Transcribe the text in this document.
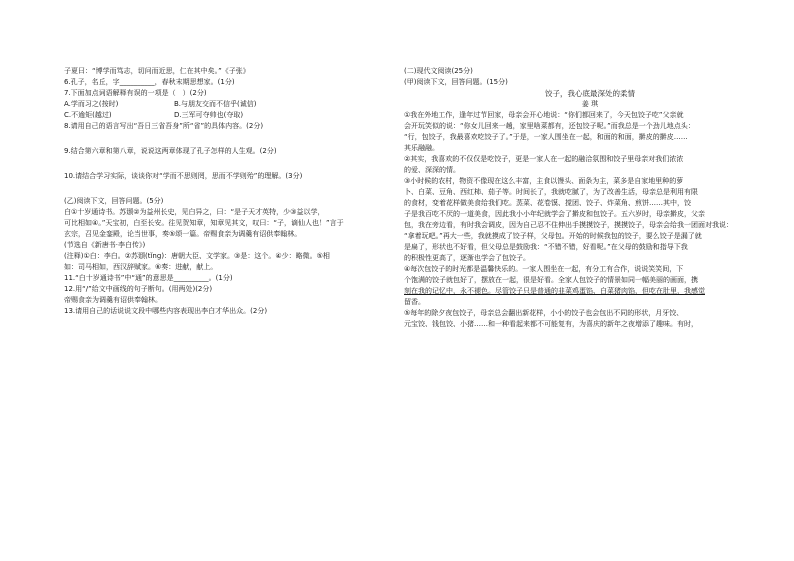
子夏曰：“博学而笃志，切问而近思，仁在其中矣。”《子张》

6.孔子，名丘，字__________，春秋末期思想家。(1分)

7.下面加点词语解释有误的一项是（　）(2分)

A.学而习之(按时)	B.与朋友交而不信乎(诚信)
C.不逾矩(越过)	D.三军可夺帅也(夺取)

8.请用自己的语言写出“吾日三省吾身”所“省”的具体内容。(2分)

9.结合第六章和第八章，说说这两章体现了孔子怎样的人生观。(2分)

10.请结合学习实际，谈谈你对“学而不思则罔，思而不学则殆”的理解。(3分)

(乙)阅读下文，回答问题。(5分)

白①十岁通诗书。苏颋②为益州长史，见白异之，曰：“是子天才英特，少③益以学，

可比相如④。”天宝初，白至长安。往见贺知章，知章见其文，叹曰：“子，谪仙人也！”言于

玄宗，召见金銮殿，论当世事，奏⑤颂一篇。帝赐食亲为调羹有诏供奉翰林。

(节选自《新唐书·李白传》)

(注释)①白：李白。②苏颋(tǐng)：唐朝大臣、文学家。③是：这个。④少：略微。⑤相

如：司马相如，西汉辞赋家。⑥奏：进献，献上。

11.“白十岁通诗书”中“通”的意思是__________。(1分)

12.用“/”给文中画线的句子断句。(用两处)(2分)

帝赐食亲为调羹有诏供奉翰林。

13.请用自己的话说说文段中哪些内容表现出李白才华出众。(2分)

(二)现代文阅读(25分)

(甲)阅读下文，回答问题。(15分)

饺子，我心底最深处的柔情

姜 琪

①我在外地工作，逢年过节回家，母亲会开心地说：“你们都回来了，今天包饺子吃”父亲就

会开玩笑似的说：“你女儿回来一趟，家里啥菜都有，还包饺子呢。”而我总是一个劲儿地点头：

“行，包饺子，我最喜欢吃饺子了。”于是，一家人围坐在一起，和面的和面，擀皮的擀皮……

其乐融融。

②其实，我喜欢的不仅仅是吃饺子，更是一家人在一起的融洽氛围和饺子里母亲对我们浓浓

的爱、深深的情。

③小时候的农村，物资不像现在这么丰富，主食以馒头、面条为主，菜多是自家地里种的萝

卜、白菜、豆角、西红柿、茄子等。时间长了，我就吃腻了，为了改善生活，母亲总是利用有限

的食材，变着花样做美食给我们吃。蒸菜、花卷馍、搅团、饺子、炸菜角、煎饼……其中，饺

子是我百吃不厌的一道美食，因此我小小年纪就学会了擀皮和包饺子。五六岁时，母亲擀皮，父亲

包，我在旁边看，有时我会调皮，因为自己忍不住伸出手摸摸饺子，摸摸饺子，母亲会给我一团面对我说：

“拿着玩吧。”再大一些，我就摸成了饺子样，父母包。开始的时候我包的饺子，要么饺子是漏了就

是扁了，形状也不好看，但父母总是鼓励我：“不错不错，好看呢。”在父母的鼓励和指导下我

的积极性更高了，逐渐也学会了包饺子。

④每次包饺子的时光都是温馨快乐的。一家人围坐在一起，有分工有合作，说说笑笑间，下

个饱满的饺子就包好了，摆放在一起，很是好看。全家人包饺子的情景如同一幅美丽的画面，携

刻在我的记忆中，永不褪色。尽管饺子只是普通的韭菜鸡蛋馅、白菜猪肉馅，但吃在肚里，我感觉

留香。

⑤每年的除夕夜包饺子，母亲总会翻出新花样，小小的饺子也会包出不同的形状，月牙饺、

元宝饺、钱包饺、小猪……和一种看起来都不可能复有，为喜庆的新年之夜增添了趣味。有时，
